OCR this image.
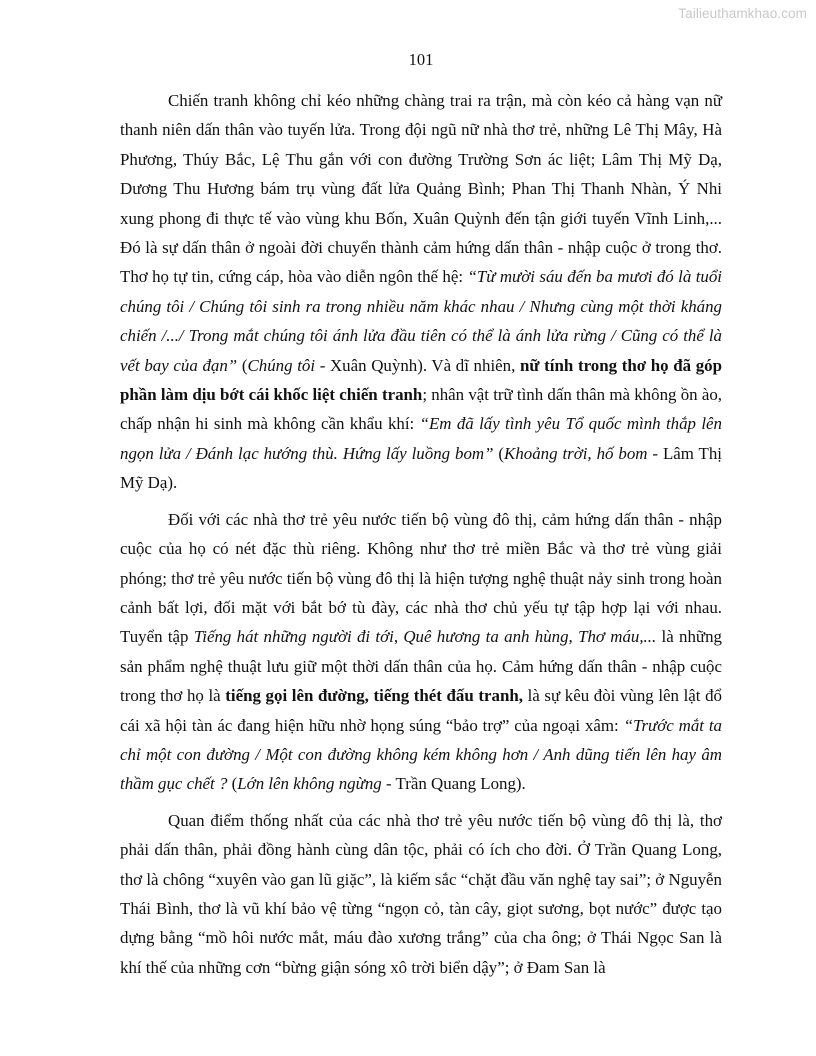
Tailieuthamkhao.com
101

Chiến tranh không chỉ kéo những chàng trai ra trận, mà còn kéo cả hàng vạn nữ thanh niên dấn thân vào tuyến lửa. Trong đội ngũ nữ nhà thơ trẻ, những Lê Thị Mây, Hà Phương, Thúy Bắc, Lệ Thu gắn với con đường Trường Sơn ác liệt; Lâm Thị Mỹ Dạ, Dương Thu Hương bám trụ vùng đất lửa Quảng Bình; Phan Thị Thanh Nhàn, Ý Nhi xung phong đi thực tế vào vùng khu Bốn, Xuân Quỳnh đến tận giới tuyến Vĩnh Linh,... Đó là sự dấn thân ở ngoài đời chuyển thành cảm hứng dấn thân - nhập cuộc ở trong thơ. Thơ họ tự tin, cứng cáp, hòa vào diễn ngôn thế hệ: “Từ mười sáu đến ba mươi đó là tuổi chúng tôi / Chúng tôi sinh ra trong nhiều năm khác nhau / Nhưng cùng một thời kháng chiến /.../ Trong mắt chúng tôi ánh lửa đầu tiên có thể là ánh lửa rừng / Cũng có thể là vết bay của đạn” (Chúng tôi - Xuân Quỳnh). Và dĩ nhiên, nữ tính trong thơ họ đã góp phần làm dịu bớt cái khốc liệt chiến tranh; nhân vật trữ tình dấn thân mà không ồn ào, chấp nhận hi sinh mà không cần khẩu khí: “Em đã lấy tình yêu Tổ quốc mình thắp lên ngọn lửa / Đánh lạc hướng thù. Hứng lấy luồng bom” (Khoảng trời, hố bom - Lâm Thị Mỹ Dạ).

Đối với các nhà thơ trẻ yêu nước tiến bộ vùng đô thị, cảm hứng dấn thân - nhập cuộc của họ có nét đặc thù riêng. Không như thơ trẻ miền Bắc và thơ trẻ vùng giải phóng; thơ trẻ yêu nước tiến bộ vùng đô thị là hiện tượng nghệ thuật nảy sinh trong hoàn cảnh bất lợi, đối mặt với bắt bớ tù đày, các nhà thơ chủ yếu tự tập hợp lại với nhau. Tuyển tập Tiếng hát những người đi tới, Quê hương ta anh hùng, Thơ máu,... là những sản phẩm nghệ thuật lưu giữ một thời dấn thân của họ. Cảm hứng dấn thân - nhập cuộc trong thơ họ là tiếng gọi lên đường, tiếng thét đấu tranh, là sự kêu đòi vùng lên lật đổ cái xã hội tàn ác đang hiện hữu nhờ họng súng “bảo trợ” của ngoại xâm: “Trước mắt ta chỉ một con đường / Một con đường không kém không hơn / Anh dũng tiến lên hay âm thầm gục chết ? (Lớn lên không ngừng - Trần Quang Long).

Quan điểm thống nhất của các nhà thơ trẻ yêu nước tiến bộ vùng đô thị là, thơ phải dấn thân, phải đồng hành cùng dân tộc, phải có ích cho đời. Ở Trần Quang Long, thơ là chông “xuyên vào gan lũ giặc”, là kiếm sắc “chặt đầu văn nghệ tay sai”; ở Nguyễn Thái Bình, thơ là vũ khí bảo vệ từng “ngọn cỏ, tàn cây, giọt sương, bọt nước” được tạo dựng bằng “mồ hôi nước mắt, máu đào xương trắng” của cha ông; ở Thái Ngọc San là khí thế của những cơn “bừng giận sóng xô trời biển dậy”; ở Đam San là
